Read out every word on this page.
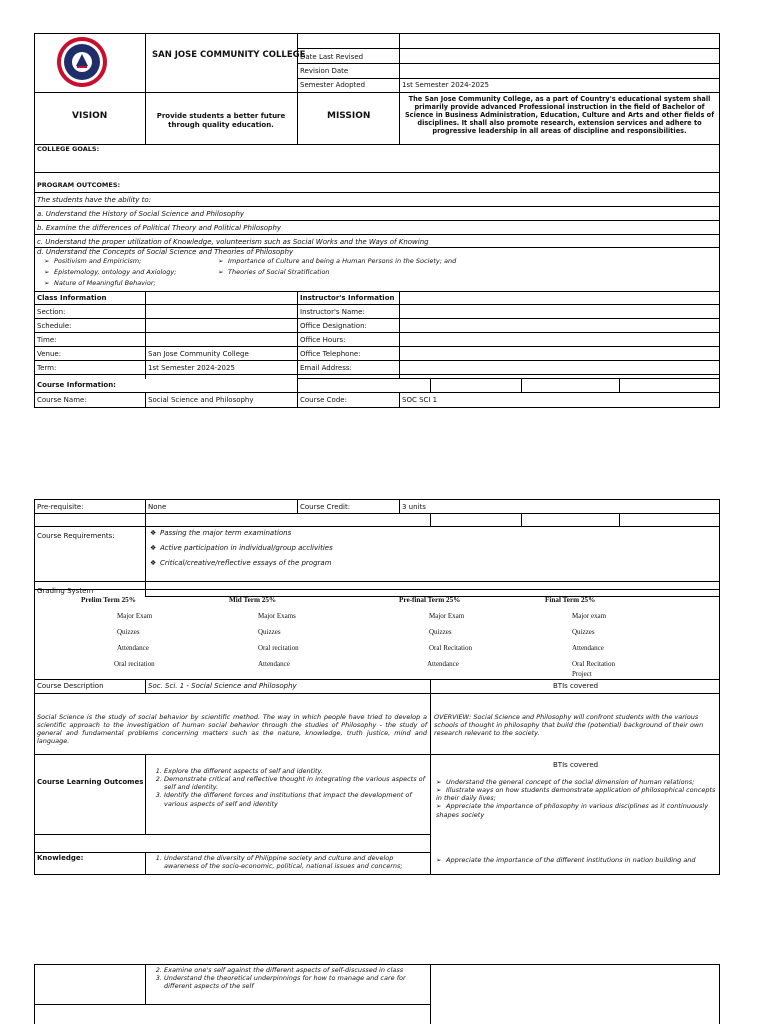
SAN JOSE COMMUNITY COLLEGE
Date Last Revised
Revision Date
Semester Adopted	1st Semester 2024-2025
VISION	Provide students a better future through quality education.
MISSION
The San Jose Community College, as a part of Country's educational system shall primarily provide advanced Professional instruction in the field of Bachelor of Science in Business Administration, Education, Culture and Arts and other fields of disciplines. It shall also promote research, extension services and adhere to progressive leadership in all areas of discipline and responsibilities.
COLLEGE GOALS:
PROGRAM OUTCOMES:
The students have the ability to:
a. Understand the History of Social Science and Philosophy
b. Examine the differences of Political Theory and Political Philosophy
c. Understand the proper utilization of Knowledge, volunteerism such as Social Works and the Ways of Knowing
d. Understand the Concepts of Social Science and Theories of Philosophy
➢ Positivism and Empiricism;	➢ Importance of Culture and being a Human Persons in the Society; and
➢ Epistemology, ontology and Axiology;	➢ Theories of Social Stratification
➢ Nature of Meaningful Behavior;
Class Information	Instructor's Information
Section:
Schedule:
Time:
Venue:
Term:
San Jose Community College
1st Semester 2024-2025
Instructor's Name:
Office Designation:
Office Hours:
Office Telephone:
Email Address:
Course Information:
Course Name:	Social Science and Philosophy	Course Code:	SOC SCI 1
Pre-requisite:	None	Course Credit:	3 units
Course Requirements:	❖ Passing the major term examinations
❖ Active participation in individual/group acclivities
❖ Critical/creative/reflective essays of the program
Grading System
Prelim Term 25%
Major Exam
Quizzes
Attendance
Oral recitation
Mid Term 25%
Major Exams
Quizzes
Oral recitation
Attendance
Pre-final Term 25%
Major Exam
Quizzes
Oral Recitation
Attendance
Final Term 25%
Major exam
Quizzes
Attendance
Oral Recitation
Project
Course Description	Soc. Sci. 1 - Social Science and Philosophy	BTIs covered
Social Science is the study of social behavior by scientific method. The way in which people have tried to develop a scientific approach to the investigation of human social behavior through the studies of Philosophy - the study of general and fundamental problems concerning matters such as the nature, knowledge, truth justice, mind and language.
OVERVIEW: Social Science and Philosophy will confront students with the various schools of thought in philosophy that build the (potential) background of their own research relevant to the society.
Course Learning Outcomes
1. Explore the different aspects of self and identity.
2. Demonstrate critical and reflective thought in integrating the various aspects of self and identity.
3. Identify the different forces and institutions that impact the development of various aspects of self and identity
BTIs covered
➢ Understand the general concept of the social dimension of human relations;
➢ Illustrate ways on how students demonstrate application of philosophical concepts in their daily lives;
➢ Appreciate the importance of philosophy in various disciplines as it continuously shapes society
Knowledge:
1.	Understand the diversity of Philippine society and culture and develop awareness of the socio-economic, political, national issues and concerns;
➢ Appreciate the importance of the different institutions in nation building and
2. Examine one's self against the different aspects of self-discussed in class
3. Understand the theoretical underpinnings for how to manage and care for different aspects of the self
